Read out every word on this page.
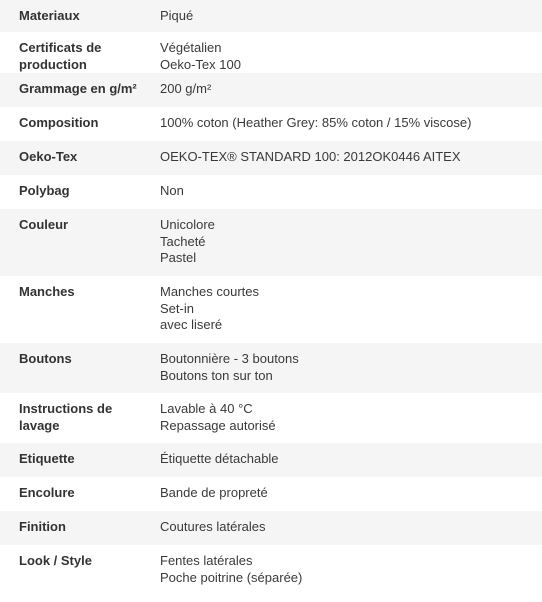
Materiaux	Piqué

Certificats de
production	Végétalien
Oeko-Tex 100

Grammage en g/m²	200 g/m²

Composition	100% coton (Heather Grey: 85% coton / 15% viscose)

Oeko-Tex	OEKO-TEX® STANDARD 100: 2012OK0446 AITEX

Polybag	Non

Couleur	Unicolore
Tacheté
Pastel

Manches	Manches courtes
Set-in
avec liseré

Boutons	Boutonnière - 3 boutons
Boutons ton sur ton

Instructions de
lavage	Lavable à 40 °C
Repassage autorisé

Etiquette	Étiquette détachable

Encolure	Bande de propreté

Finition	Coutures latérales

Look / Style	Fentes latérales
Poche poitrine (séparée)
